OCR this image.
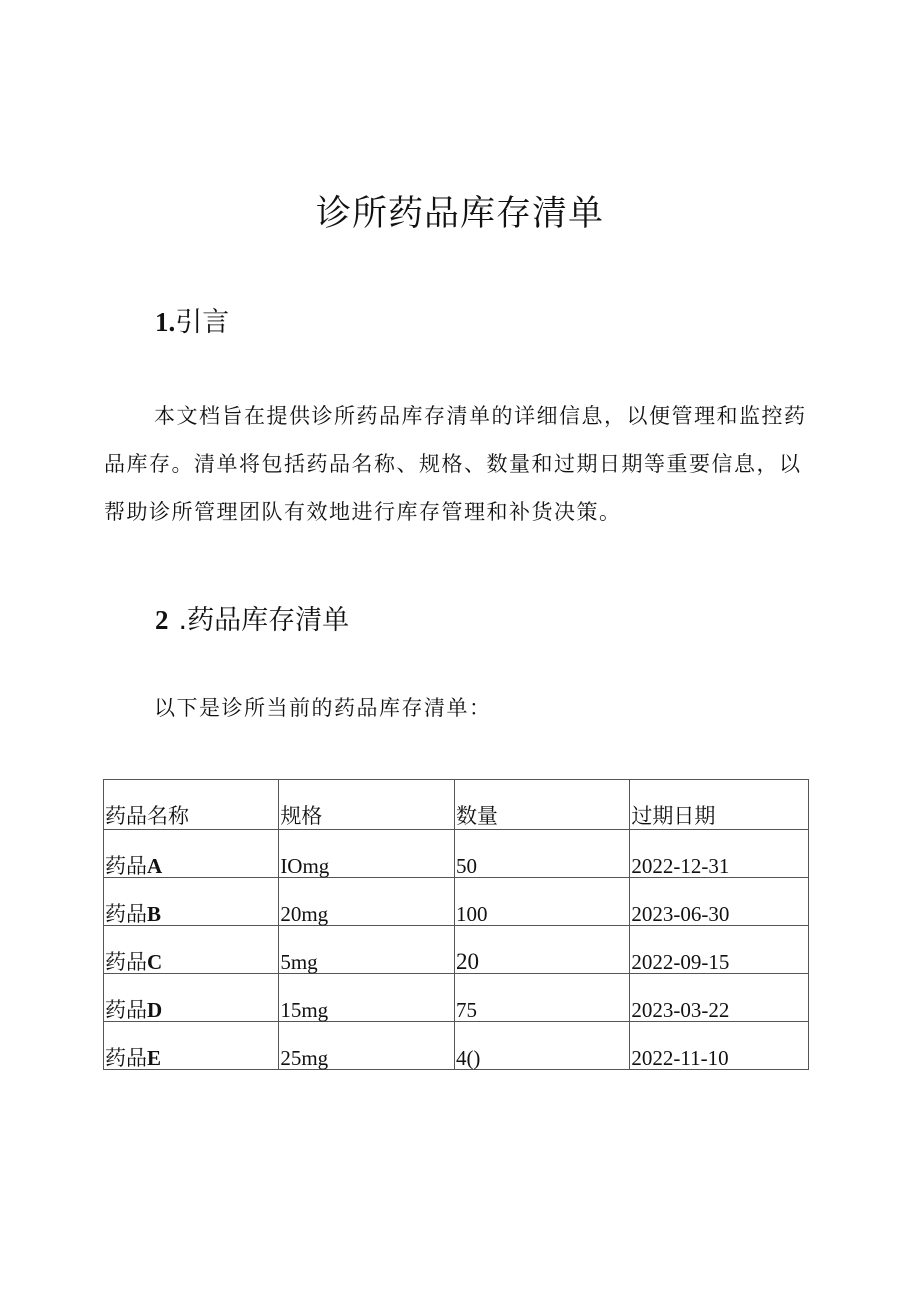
诊所药品库存清单
1.引言

本文档旨在提供诊所药品库存清单的详细信息，以便管理和监控药品库存。清单将包括药品名称、规格、数量和过期日期等重要信息，以帮助诊所管理团队有效地进行库存管理和补货决策。

2 .药品库存清单

以下是诊所当前的药品库存清单：

药品名称	规格	数量	过期日期
药品A	IOmg	50	2022-12-31
药品B	20mg	100	2023-06-30
药品C	5mg	20	2022-09-15
药品D	15mg	75	2023-03-22
药品E	25mg	4()	2022-11-10
